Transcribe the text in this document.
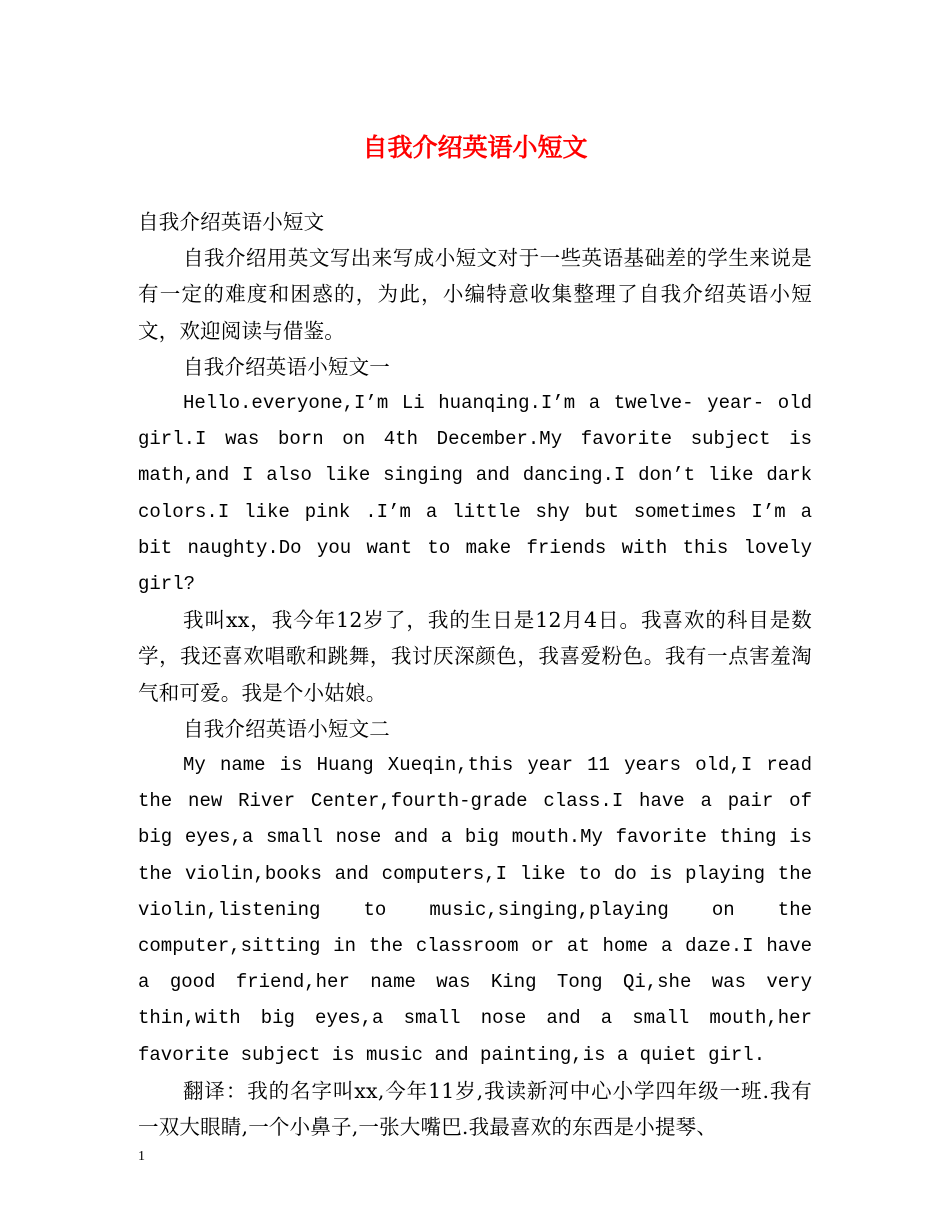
自我介绍英语小短文

自我介绍英语小短文

自我介绍用英文写出来写成小短文对于一些英语基础差的学生来说是有一定的难度和困惑的，为此，小编特意收集整理了自我介绍英语小短文，欢迎阅读与借鉴。

自我介绍英语小短文一

Hello.everyone,I’m Li huanqing.I’m a twelve- year- old girl.I was born on 4th December.My favorite subject is math,and I also like singing and dancing.I don’t like dark colors.I like pink .I’m a little shy but sometimes I’m a bit naughty.Do you want to make friends with this lovely girl?

我叫xx，我今年12岁了，我的生日是12月4日。我喜欢的科目是数学，我还喜欢唱歌和跳舞，我讨厌深颜色，我喜爱粉色。我有一点害羞淘气和可爱。我是个小姑娘。

自我介绍英语小短文二

My name is Huang Xueqin,this year 11 years old,I read the new River Center,fourth-grade class.I have a pair of big eyes,a small nose and a big mouth.My favorite thing is the violin,books and computers,I like to do is playing the violin,listening to music,singing,playing on the computer,sitting in the classroom or at home a daze.I have a good friend,her name was King Tong Qi,she was very thin,with big eyes,a small nose and a small mouth,her favorite subject is music and painting,is a quiet girl.

翻译：我的名字叫xx,今年11岁,我读新河中心小学四年级一班.我有一双大眼睛,一个小鼻子,一张大嘴巴.我最喜欢的东西是小提琴、

1
